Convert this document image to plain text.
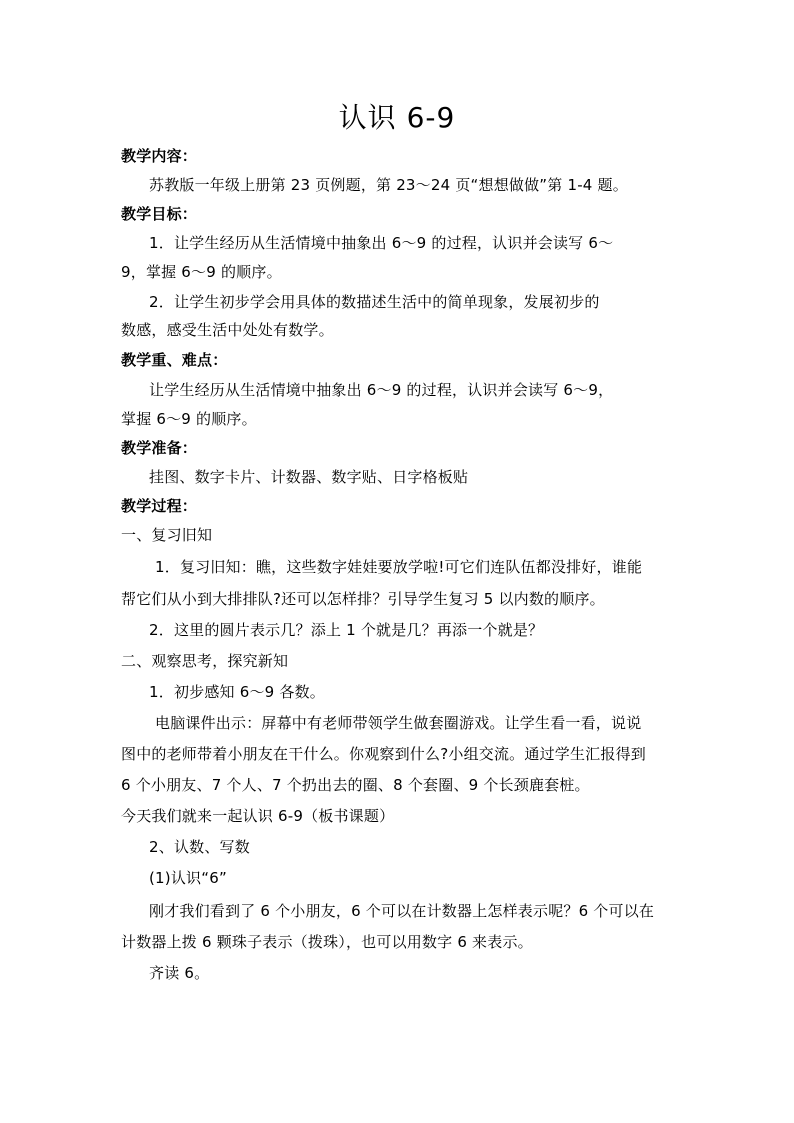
认识 6-9
教学内容：
苏教版一年级上册第 23 页例题，第 23～24 页“想想做做”第 1-4 题。
教学目标：
1．让学生经历从生活情境中抽象出 6～9 的过程，认识并会读写 6～
9，掌握 6～9 的顺序。
2．让学生初步学会用具体的数描述生活中的简单现象，发展初步的
数感，感受生活中处处有数学。
教学重、难点：
让学生经历从生活情境中抽象出 6～9 的过程，认识并会读写 6～9，
掌握 6～9 的顺序。
教学准备：
挂图、数字卡片、计数器、数字贴、日字格板贴
教学过程：
一、复习旧知
1．复习旧知：瞧，这些数字娃娃要放学啦!可它们连队伍都没排好，谁能
帮它们从小到大排排队?还可以怎样排？引导学生复习 5 以内数的顺序。
2．这里的圆片表示几？添上 1 个就是几？再添一个就是？
二、观察思考，探究新知
1．初步感知 6～9 各数。
电脑课件出示：屏幕中有老师带领学生做套圈游戏。让学生看一看，说说
图中的老师带着小朋友在干什么。你观察到什么?小组交流。通过学生汇报得到
6 个小朋友、7 个人、7 个扔出去的圈、8 个套圈、9 个长颈鹿套桩。
今天我们就来一起认识 6-9（板书课题）
2、认数、写数
(1)认识“6”
刚才我们看到了 6 个小朋友，6 个可以在计数器上怎样表示呢？6 个可以在
计数器上拨 6 颗珠子表示（拨珠），也可以用数字 6 来表示。
齐读 6。
